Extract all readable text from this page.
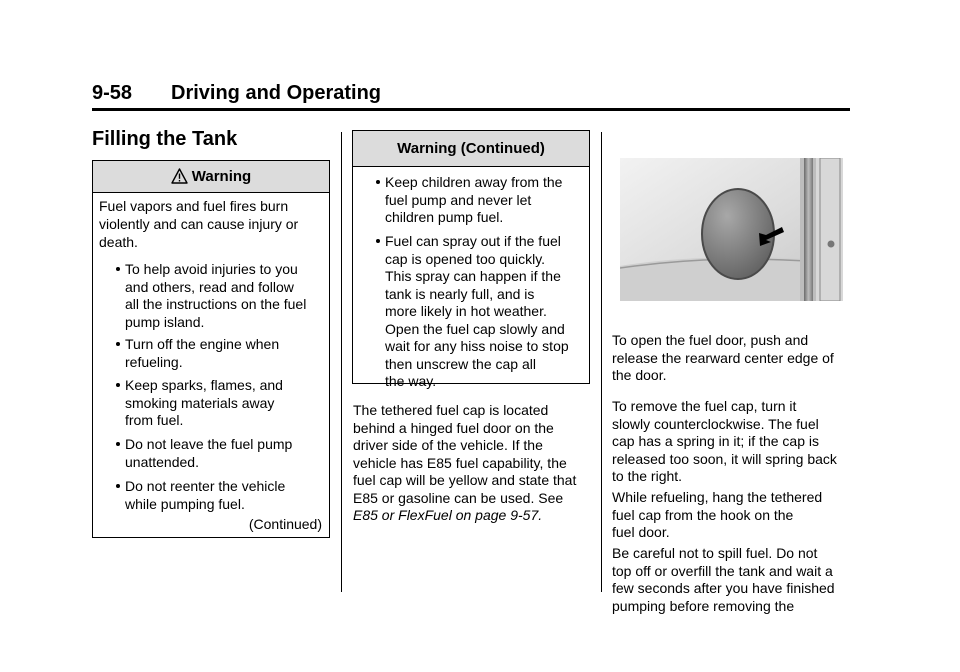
9-58 Driving and Operating
Filling the Tank
Warning
Fuel vapors and fuel fires burn
violently and can cause injury or
death.
To help avoid injuries to you
and others, read and follow
all the instructions on the fuel
pump island.
Turn off the engine when
refueling.
Keep sparks, flames, and
smoking materials away
from fuel.
Do not leave the fuel pump
unattended.
Do not reenter the vehicle
while pumping fuel.
(Continued)
Warning (Continued)
Keep children away from the
fuel pump and never let
children pump fuel.
Fuel can spray out if the fuel
cap is opened too quickly.
This spray can happen if the
tank is nearly full, and is
more likely in hot weather.
Open the fuel cap slowly and
wait for any hiss noise to stop
then unscrew the cap all
the way.
The tethered fuel cap is located
behind a hinged fuel door on the
driver side of the vehicle. If the
vehicle has E85 fuel capability, the
fuel cap will be yellow and state that
E85 or gasoline can be used. See
E85 or FlexFuel on page 9-57.
To open the fuel door, push and
release the rearward center edge of
the door.
To remove the fuel cap, turn it
slowly counterclockwise. The fuel
cap has a spring in it; if the cap is
released too soon, it will spring back
to the right.
While refueling, hang the tethered
fuel cap from the hook on the
fuel door.
Be careful not to spill fuel. Do not
top off or overfill the tank and wait a
few seconds after you have finished
pumping before removing the
